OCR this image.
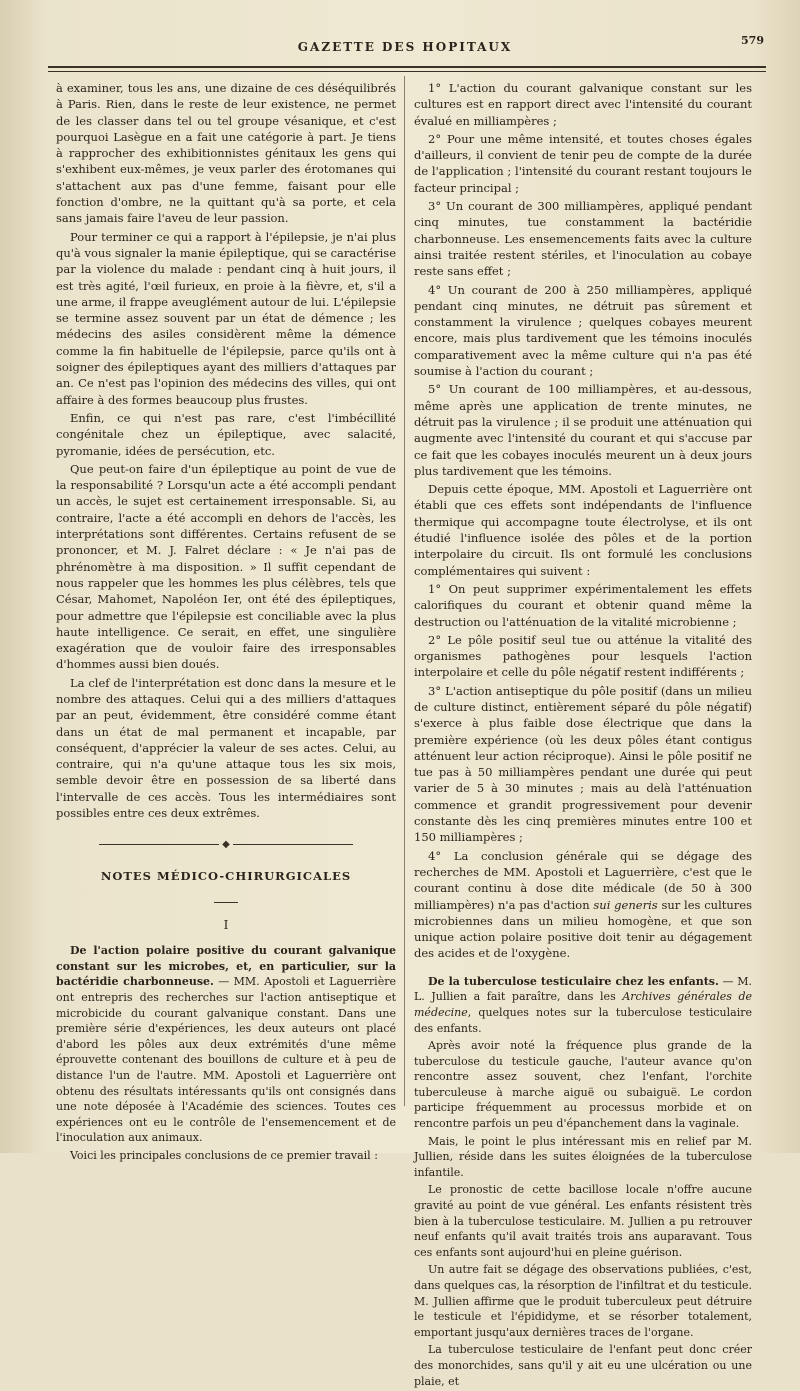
GAZETTE DES HOPITAUX	579

à examiner, tous les ans, une dizaine de ces déséquilibrés à Paris. Rien, dans le reste de leur existence, ne permet de les classer dans tel ou tel groupe vésanique, et c'est pourquoi Lasègue en a fait une catégorie à part. Je tiens à rapprocher des exhibitionnistes génitaux les gens qui s'exhibent eux-mêmes, je veux parler des érotomanes qui s'attachent aux pas d'une femme, faisant pour elle fonction d'ombre, ne la quittant qu'à sa porte, et cela sans jamais faire l'aveu de leur passion.

Pour terminer ce qui a rapport à l'épilepsie, je n'ai plus qu'à vous signaler la manie épileptique, qui se caractérise par la violence du malade : pendant cinq à huit jours, il est très agité, l'œil furieux, en proie à la fièvre, et, s'il a une arme, il frappe aveuglément autour de lui. L'épilepsie se termine assez souvent par un état de démence ; les médecins des asiles considèrent même la démence comme la fin habituelle de l'épilepsie, parce qu'ils ont à soigner des épileptiques ayant des milliers d'attaques par an. Ce n'est pas l'opinion des médecins des villes, qui ont affaire à des formes beaucoup plus frustes.

Enfin, ce qui n'est pas rare, c'est l'imbécillité congénitale chez un épileptique, avec salacité, pyromanie, idées de persécution, etc.

Que peut-on faire d'un épileptique au point de vue de la responsabilité ? Lorsqu'un acte a été accompli pendant un accès, le sujet est certainement irresponsable. Si, au contraire, l'acte a été accompli en dehors de l'accès, les interprétations sont différentes. Certains refusent de se prononcer, et M. J. Falret déclare : « Je n'ai pas de phrénomètre à ma disposition. » Il suffit cependant de nous rappeler que les hommes les plus célèbres, tels que César, Mahomet, Napoléon Ier, ont été des épileptiques, pour admettre que l'épilepsie est conciliable avec la plus haute intelligence. Ce serait, en effet, une singulière exagération que de vouloir faire des irresponsables d'hommes aussi bien doués.

La clef de l'interprétation est donc dans la mesure et le nombre des attaques. Celui qui a des milliers d'attaques par an peut, évidemment, être considéré comme étant dans un état de mal permanent et incapable, par conséquent, d'apprécier la valeur de ses actes. Celui, au contraire, qui n'a qu'une attaque tous les six mois, semble devoir être en possession de sa liberté dans l'intervalle de ces accès. Tous les intermédiaires sont possibles entre ces deux extrêmes.

◆
NOTES MÉDICO-CHIRURGICALES
I

De l'action polaire positive du courant galvanique constant sur les microbes, et, en particulier, sur la bactéridie charbonneuse. — MM. Apostoli et Laguerrière ont entrepris des recherches sur l'action antiseptique et microbicide du courant galvanique constant. Dans une première série d'expériences, les deux auteurs ont placé d'abord les pôles aux deux extrémités d'une même éprouvette contenant des bouillons de culture et à peu de distance l'un de l'autre. MM. Apostoli et Laguerrière ont obtenu des résultats intéressants qu'ils ont consignés dans une note déposée à l'Académie des sciences. Toutes ces expériences ont eu le contrôle de l'ensemencement et de l'inoculation aux animaux.

Voici les principales conclusions de ce premier travail :

1° L'action du courant galvanique constant sur les cultures est en rapport direct avec l'intensité du courant évalué en milliampères ;

2° Pour une même intensité, et toutes choses égales d'ailleurs, il convient de tenir peu de compte de la durée de l'application ; l'intensité du courant restant toujours le facteur principal ;

3° Un courant de 300 milliampères, appliqué pendant cinq minutes, tue constamment la bactéridie charbonneuse. Les ensemencements faits avec la culture ainsi traitée restent stériles, et l'inoculation au cobaye reste sans effet ;

4° Un courant de 200 à 250 milliampères, appliqué pendant cinq minutes, ne détruit pas sûrement et constamment la virulence ; quelques cobayes meurent encore, mais plus tardivement que les témoins inoculés comparativement avec la même culture qui n'a pas été soumise à l'action du courant ;

5° Un courant de 100 milliampères, et au-dessous, même après une application de trente minutes, ne détruit pas la virulence ; il se produit une atténuation qui augmente avec l'intensité du courant et qui s'accuse par ce fait que les cobayes inoculés meurent un à deux jours plus tardivement que les témoins.

Depuis cette époque, MM. Apostoli et Laguerrière ont établi que ces effets sont indépendants de l'influence thermique qui accompagne toute électrolyse, et ils ont étudié l'influence isolée des pôles et de la portion interpolaire du circuit. Ils ont formulé les conclusions complémentaires qui suivent :

1° On peut supprimer expérimentalement les effets calorifiques du courant et obtenir quand même la destruction ou l'atténuation de la vitalité microbienne ;

2° Le pôle positif seul tue ou atténue la vitalité des organismes pathogènes pour lesquels l'action interpolaire et celle du pôle négatif restent indifférents ;

3° L'action antiseptique du pôle positif (dans un milieu de culture distinct, entièrement séparé du pôle négatif) s'exerce à plus faible dose électrique que dans la première expérience (où les deux pôles étant contigus atténuent leur action réciproque). Ainsi le pôle positif ne tue pas à 50 milliampères pendant une durée qui peut varier de 5 à 30 minutes ; mais au delà l'atténuation commence et grandit progressivement pour devenir constante dès les cinq premières minutes entre 100 et 150 milliampères ;

4° La conclusion générale qui se dégage des recherches de MM. Apostoli et Laguerrière, c'est que le courant continu à dose dite médicale (de 50 à 300 milliampères) n'a pas d'action sui generis sur les cultures microbiennes dans un milieu homogène, et que son unique action polaire positive doit tenir au dégagement des acides et de l'oxygène.

De la tuberculose testiculaire chez les enfants. — M. L. Jullien a fait paraître, dans les Archives générales de médecine, quelques notes sur la tuberculose testiculaire des enfants.

Après avoir noté la fréquence plus grande de la tuberculose du testicule gauche, l'auteur avance qu'on rencontre assez souvent, chez l'enfant, l'orchite tuberculeuse à marche aiguë ou subaiguë. Le cordon participe fréquemment au processus morbide et on rencontre parfois un peu d'épanchement dans la vaginale.

Mais, le point le plus intéressant mis en relief par M. Jullien, réside dans les suites éloignées de la tuberculose infantile.

Le pronostic de cette bacillose locale n'offre aucune gravité au point de vue général. Les enfants résistent très bien à la tuberculose testiculaire. M. Jullien a pu retrouver neuf enfants qu'il avait traités trois ans auparavant. Tous ces enfants sont aujourd'hui en pleine guérison.

Un autre fait se dégage des observations publiées, c'est, dans quelques cas, la résorption de l'infiltrat et du testicule. M. Jullien affirme que le produit tuberculeux peut détruire le testicule et l'épididyme, et se résorber totalement, emportant jusqu'aux dernières traces de l'organe.

La tuberculose testiculaire de l'enfant peut donc créer des monorchides, sans qu'il y ait eu une ulcération ou une plaie, et
